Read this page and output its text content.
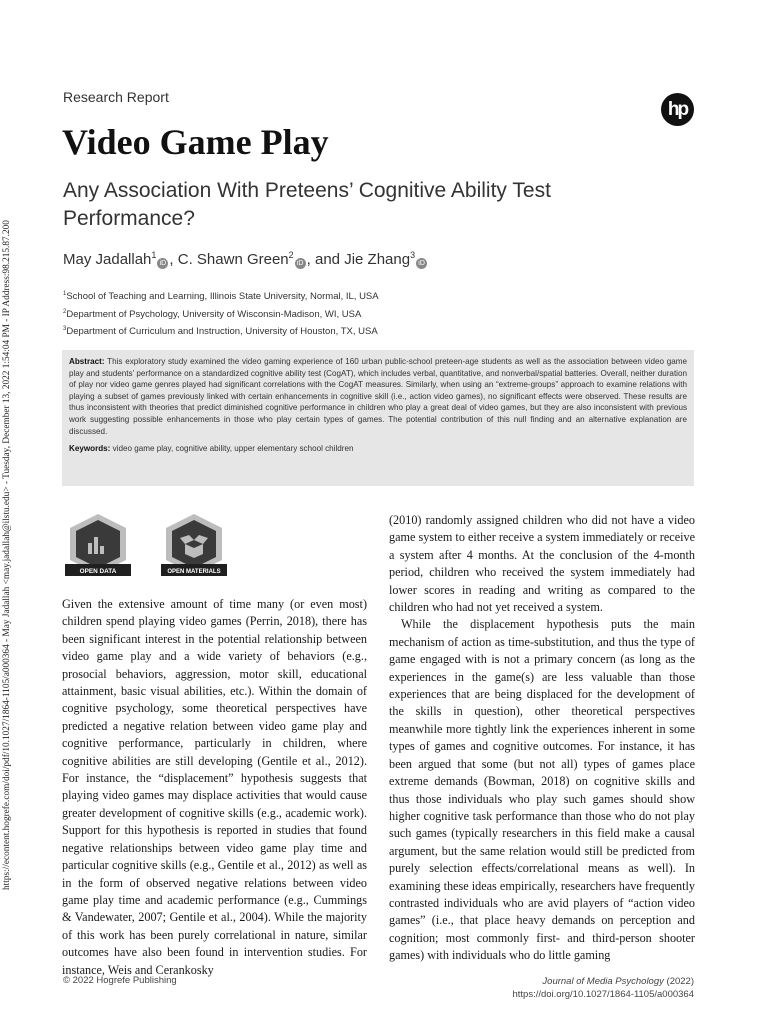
https://econtent.hogrefe.com/doi/pdf/10.1027/1864-1105/a000364 - May Jadallah <may.jadallah@ilstu.edu> - Tuesday, December 13, 2022 1:54:04 PM - IP Address:98.215.87.200
Research Report
hp
Video Game Play
Any Association With Preteens’ Cognitive Ability Test Performance?
May Jadallah$^1$iD , C. Shawn Green$^2$iD , and Jie Zhang$^3$iD
$^1$School of Teaching and Learning, Illinois State University, Normal, IL, USA
$^2$Department of Psychology, University of Wisconsin-Madison, WI, USA
$^3$Department of Curriculum and Instruction, University of Houston, TX, USA

Abstract: This exploratory study examined the video gaming experience of 160 urban public-school preteen-age students as well as the association between video game play and students’ performance on a standardized cognitive ability test (CogAT), which includes verbal, quantitative, and nonverbal/spatial batteries. Overall, neither duration of play nor video game genres played had significant correlations with the CogAT measures. Similarly, when using an “extreme-groups” approach to examine relations with playing a subset of games previously linked with certain enhancements in cognitive skill (i.e., action video games), no significant effects were observed. These results are thus inconsistent with theories that predict diminished cognitive performance in children who play a great deal of video games, but they are also inconsistent with previous work suggesting possible enhancements in those who play certain types of games. The potential contribution of this null finding and an alternative explanation are discussed.

Keywords: video game play, cognitive ability, upper elementary school children

OPEN DATA	OPEN MATERIALS

Given the extensive amount of time many (or even most) children spend playing video games (Perrin, 2018), there has been significant interest in the potential relationship between video game play and a wide variety of behaviors (e.g., prosocial behaviors, aggression, motor skill, educational attainment, basic visual abilities, etc.). Within the domain of cognitive psychology, some theoretical perspectives have predicted a negative relation between video game play and cognitive performance, particularly in children, where cognitive abilities are still developing (Gentile et al., 2012). For instance, the “displacement” hypothesis suggests that playing video games may displace activities that would cause greater development of cognitive skills (e.g., academic work). Support for this hypothesis is reported in studies that found negative relationships between video game play time and particular cognitive skills (e.g., Gentile et al., 2012) as well as in the form of observed negative relations between video game play time and academic performance (e.g., Cummings & Vandewater, 2007; Gentile et al., 2004). While the majority of this work has been purely correlational in nature, similar outcomes have also been found in intervention studies. For instance, Weis and Cerankosky

(2010) randomly assigned children who did not have a video game system to either receive a system immediately or receive a system after 4 months. At the conclusion of the 4-month period, children who received the system immediately had lower scores in reading and writing as compared to the children who had not yet received a system.

While the displacement hypothesis puts the main mechanism of action as time-substitution, and thus the type of game engaged with is not a primary concern (as long as the experiences in the game(s) are less valuable than those experiences that are being displaced for the development of the skills in question), other theoretical perspectives meanwhile more tightly link the experiences inherent in some types of games and cognitive outcomes. For instance, it has been argued that some (but not all) types of games place extreme demands (Bowman, 2018) on cognitive skills and thus those individuals who play such games should show higher cognitive task performance than those who do not play such games (typically researchers in this field make a causal argument, but the same relation would still be predicted from purely selection effects/correlational means as well). In examining these ideas empirically, researchers have frequently contrasted individuals who are avid players of “action video games” (i.e., that place heavy demands on perception and cognition; most commonly first- and third-person shooter games) with individuals who do little gaming

© 2022 Hogrefe Publishing	Journal of Media Psychology (2022)
https://doi.org/10.1027/1864-1105/a000364
